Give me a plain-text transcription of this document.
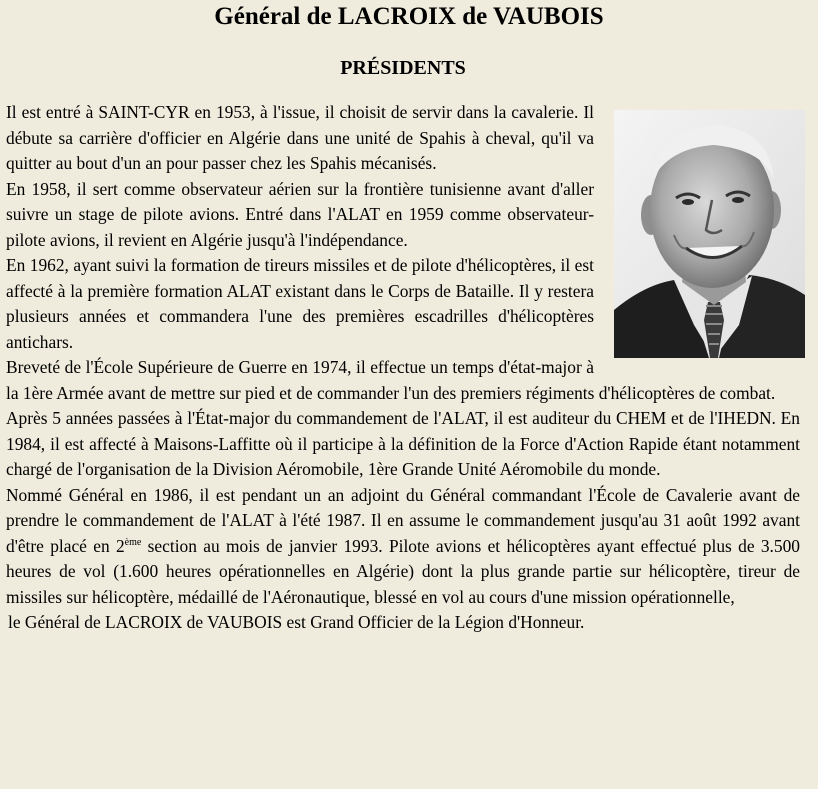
Général de LACROIX de VAUBOIS
PRÉSIDENTS

Il est entré à SAINT-CYR en 1953, à l'issue, il choisit de servir dans la cavalerie. Il débute sa carrière d'officier en Algérie dans une unité de Spahis à cheval, qu'il va quitter au bout d'un an pour passer chez les Spahis mécanisés.

En 1958, il sert comme observateur aérien sur la frontière tunisienne avant d'aller suivre un stage de pilote avions. Entré dans l'ALAT en 1959 comme observateur-pilote avions, il revient en Algérie jusqu'à l'indépendance.

En 1962, ayant suivi la formation de tireurs missiles et de pilote d'hélicoptères, il est affecté à la première formation ALAT existant dans le Corps de Bataille. Il y restera plusieurs années et commandera l'une des premières escadrilles d'hélicoptères antichars.

Breveté de l'École Supérieure de Guerre en 1974, il effectue un temps d'état-major à la 1ère Armée avant de mettre sur pied et de commander l'un des premiers régiments d'hélicoptères de combat.

Après 5 années passées à l'État-major du commandement de l'ALAT, il est auditeur du CHEM et de l'IHEDN. En 1984, il est affecté à Maisons-Laffitte où il participe à la définition de la Force d'Action Rapide étant notamment chargé de l'organisation de la Division Aéromobile, 1ère Grande Unité Aéromobile du monde.

Nommé Général en 1986, il est pendant un an adjoint du Général commandant l'École de Cavalerie avant de prendre le commandement de l'ALAT à l'été 1987. Il en assume le commandement jusqu'au 31 août 1992 avant d'être placé en 2ème section au mois de janvier 1993. Pilote avions et hélicoptères ayant effectué plus de 3.500 heures de vol (1.600 heures opérationnelles en Algérie) dont la plus grande partie sur hélicoptère, tireur de missiles sur hélicoptère, médaillé de l'Aéronautique, blessé en vol au cours d'une mission opérationnelle,

le Général de LACROIX de VAUBOIS est Grand Officier de la Légion d'Honneur.
